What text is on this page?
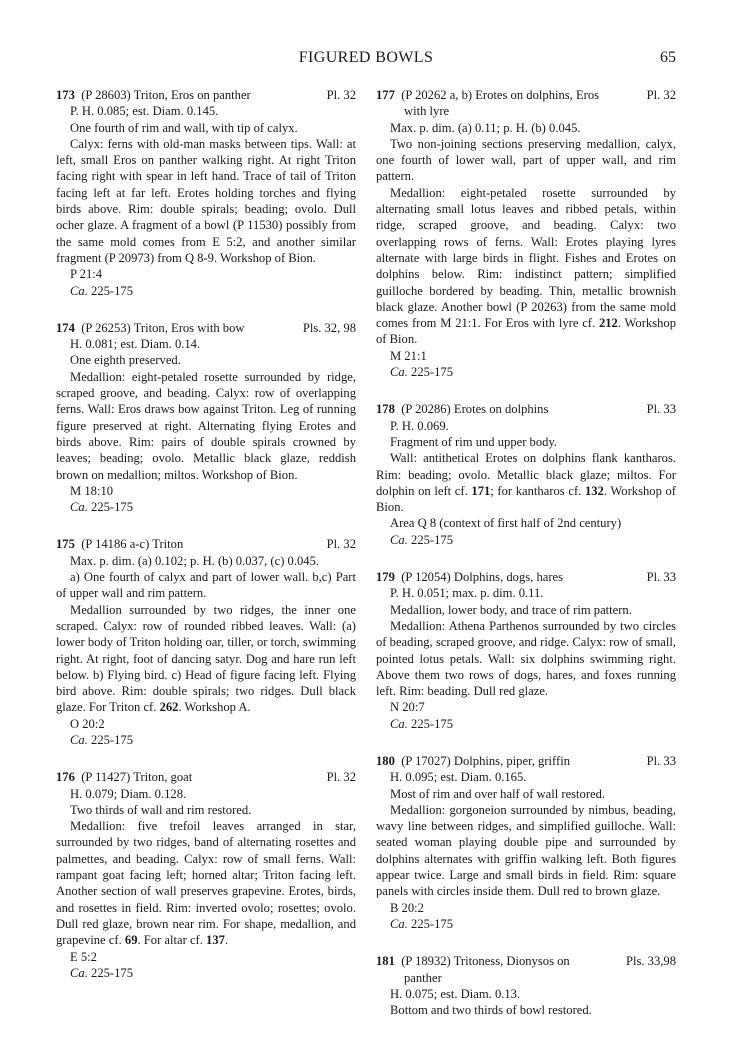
FIGURED BOWLS	65
173 (P 28603) Triton, Eros on panther	Pl. 32

P. H. 0.085; est. Diam. 0.145.

One fourth of rim and wall, with tip of calyx.

Calyx: ferns with old-man masks between tips. Wall: at left, small Eros on panther walking right. At right Triton facing right with spear in left hand. Trace of tail of Triton facing left at far left. Erotes holding torches and flying birds above. Rim: double spirals; beading; ovolo. Dull ocher glaze. A fragment of a bowl (P 11530) possibly from the same mold comes from E 5:2, and another similar fragment (P 20973) from Q 8-9. Workshop of Bion.

P 21:4

Ca. 225-175

174 (P 26253) Triton, Eros with bow	Pls. 32, 98

H. 0.081; est. Diam. 0.14.

One eighth preserved.

Medallion: eight-petaled rosette surrounded by ridge, scraped groove, and beading. Calyx: row of overlapping ferns. Wall: Eros draws bow against Triton. Leg of running figure preserved at right. Alternating flying Erotes and birds above. Rim: pairs of double spirals crowned by leaves; beading; ovolo. Metallic black glaze, reddish brown on medallion; miltos. Workshop of Bion.

M 18:10

Ca. 225-175

175 (P 14186 a-c) Triton	Pl. 32

Max. p. dim. (a) 0.102; p. H. (b) 0.037, (c) 0.045.

a) One fourth of calyx and part of lower wall. b,c) Part of upper wall and rim pattern.

Medallion surrounded by two ridges, the inner one scraped. Calyx: row of rounded ribbed leaves. Wall: (a) lower body of Triton holding oar, tiller, or torch, swimming right. At right, foot of dancing satyr. Dog and hare run left below. b) Flying bird. c) Head of figure facing left. Flying bird above. Rim: double spirals; two ridges. Dull black glaze. For Triton cf. 262. Workshop A.

O 20:2

Ca. 225-175

176 (P 11427) Triton, goat	Pl. 32

H. 0.079; Diam. 0.128.

Two thirds of wall and rim restored.

Medallion: five trefoil leaves arranged in star, surrounded by two ridges, band of alternating rosettes and palmettes, and beading. Calyx: row of small ferns. Wall: rampant goat facing left; horned altar; Triton facing left. Another section of wall preserves grapevine. Erotes, birds, and rosettes in field. Rim: inverted ovolo; rosettes; ovolo. Dull red glaze, brown near rim. For shape, medallion, and grapevine cf. 69. For altar cf. 137.

E 5:2

Ca. 225-175

177 (P 20262 a, b) Erotes on dolphins, Eros
with lyre
Pl. 32

Max. p. dim. (a) 0.11; p. H. (b) 0.045.

Two non-joining sections preserving medallion, calyx, one fourth of lower wall, part of upper wall, and rim pattern.

Medallion: eight-petaled rosette surrounded by alternating small lotus leaves and ribbed petals, within ridge, scraped groove, and beading. Calyx: two overlapping rows of ferns. Wall: Erotes playing lyres alternate with large birds in flight. Fishes and Erotes on dolphins below. Rim: indistinct pattern; simplified guilloche bordered by beading. Thin, metallic brownish black glaze. Another bowl (P 20263) from the same mold comes from M 21:1. For Eros with lyre cf. 212. Workshop of Bion.

M 21:1

Ca. 225-175

178 (P 20286) Erotes on dolphins	Pl. 33

P. H. 0.069.

Fragment of rim und upper body.

Wall: antithetical Erotes on dolphins flank kantharos. Rim: beading; ovolo. Metallic black glaze; miltos. For dolphin on left cf. 171; for kantharos cf. 132. Workshop of Bion.

Area Q 8 (context of first half of 2nd century)

Ca. 225-175

179 (P 12054) Dolphins, dogs, hares	Pl. 33

P. H. 0.051; max. p. dim. 0.11.

Medallion, lower body, and trace of rim pattern.

Medallion: Athena Parthenos surrounded by two circles of beading, scraped groove, and ridge. Calyx: row of small, pointed lotus petals. Wall: six dolphins swimming right. Above them two rows of dogs, hares, and foxes running left. Rim: beading. Dull red glaze.

N 20:7

Ca. 225-175

180 (P 17027) Dolphins, piper, griffin	Pl. 33

H. 0.095; est. Diam. 0.165.

Most of rim and over half of wall restored.

Medallion: gorgoneion surrounded by nimbus, beading, wavy line between ridges, and simplified guilloche. Wall: seated woman playing double pipe and surrounded by dolphins alternates with griffin walking left. Both figures appear twice. Large and small birds in field. Rim: square panels with circles inside them. Dull red to brown glaze.

B 20:2

Ca. 225-175

181 (P 18932) Tritoness, Dionysos on
panther
Pls. 33,98

H. 0.075; est. Diam. 0.13.

Bottom and two thirds of bowl restored.
